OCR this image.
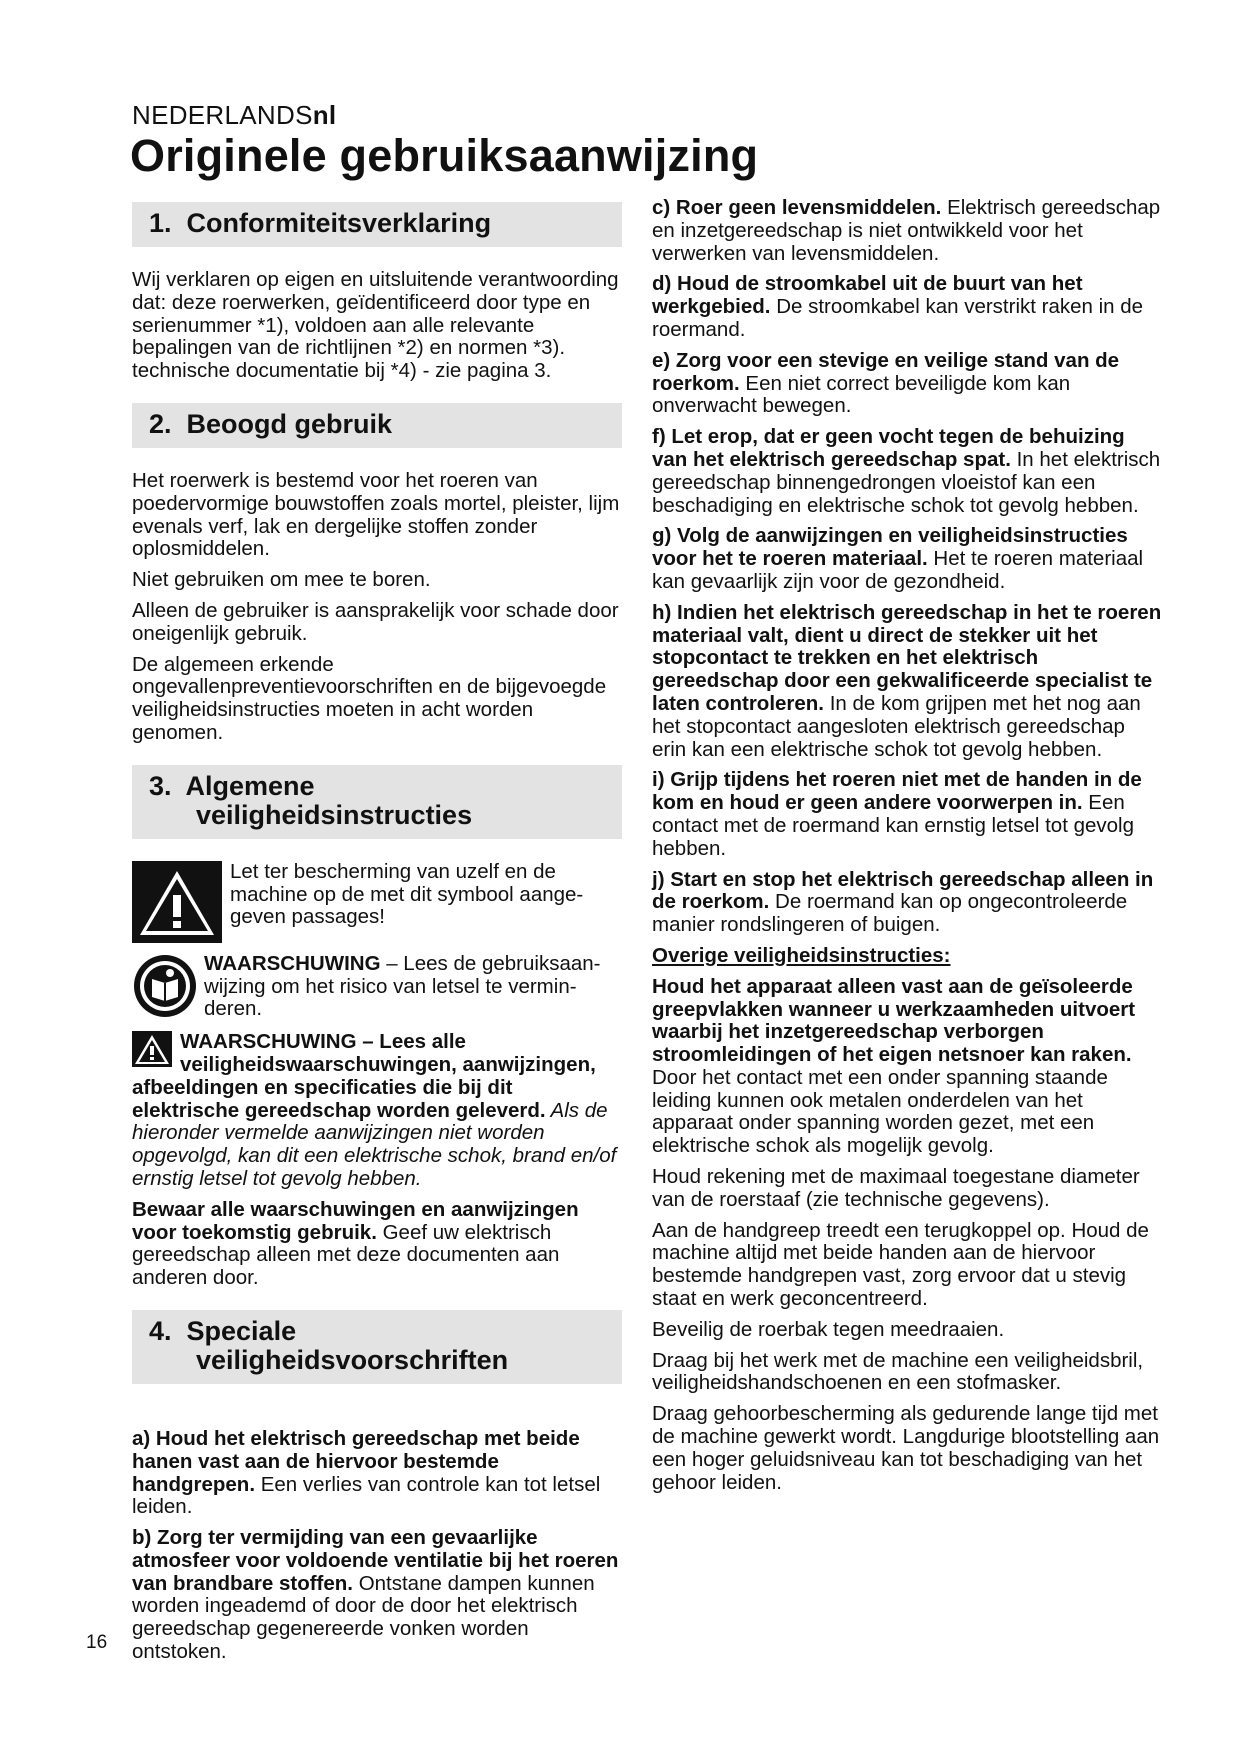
NEDERLANDSnl
Originele gebruiksaanwijzing
1. Conformiteitsverklaring

Wij verklaren op eigen en uitsluitende verantwoording dat: deze roerwerken, geïdentificeerd door type en serienummer *1), voldoen aan alle relevante bepalingen van de richtlijnen *2) en normen *3). technische documentatie bij *4) - zie pagina 3.

2. Beoogd gebruik

Het roerwerk is bestemd voor het roeren van poedervormige bouwstoffen zoals mortel, pleister, lijm evenals verf, lak en dergelijke stoffen zonder oplosmiddelen.

Niet gebruiken om mee te boren.

Alleen de gebruiker is aansprakelijk voor schade door oneigenlijk gebruik.

De algemeen erkende ongevallenpreventievoorschriften en de bijgevoegde veiligheidsinstructies moeten in acht worden genomen.

3. Algemene
veiligheidsinstructies
Let ter bescherming van uzelf en de machine op de met dit symbool aange-geven passages!
WAARSCHUWING – Lees de gebruiksaan-wijzing om het risico van letsel te vermin-deren.

WAARSCHUWING – Lees alle veiligheidswaarschuwingen, aanwijzingen, afbeeldingen en specificaties die bij dit elektrische gereedschap worden geleverd. Als de hieronder vermelde aanwijzingen niet worden opgevolgd, kan dit een elektrische schok, brand en/of ernstig letsel tot gevolg hebben.

Bewaar alle waarschuwingen en aanwijzingen voor toekomstig gebruik. Geef uw elektrisch gereedschap alleen met deze documenten aan anderen door.

4. Speciale
veiligheidsvoorschriften

a) Houd het elektrisch gereedschap met beide hanen vast aan de hiervoor bestemde handgrepen. Een verlies van controle kan tot letsel leiden.

b) Zorg ter vermijding van een gevaarlijke atmosfeer voor voldoende ventilatie bij het roeren van brandbare stoffen. Ontstane dampen kunnen worden ingeademd of door de door het elektrisch gereedschap gegenereerde vonken worden ontstoken.

c) Roer geen levensmiddelen. Elektrisch gereedschap en inzetgereedschap is niet ontwikkeld voor het verwerken van levensmiddelen.

d) Houd de stroomkabel uit de buurt van het werkgebied. De stroomkabel kan verstrikt raken in de roermand.

e) Zorg voor een stevige en veilige stand van de roerkom. Een niet correct beveiligde kom kan onverwacht bewegen.

f) Let erop, dat er geen vocht tegen de behuizing van het elektrisch gereedschap spat. In het elektrisch gereedschap binnengedrongen vloeistof kan een beschadiging en elektrische schok tot gevolg hebben.

g) Volg de aanwijzingen en veiligheidsinstructies voor het te roeren materiaal. Het te roeren materiaal kan gevaarlijk zijn voor de gezondheid.

h) Indien het elektrisch gereedschap in het te roeren materiaal valt, dient u direct de stekker uit het stopcontact te trekken en het elektrisch gereedschap door een gekwalificeerde specialist te laten controleren. In de kom grijpen met het nog aan het stopcontact aangesloten elektrisch gereedschap erin kan een elektrische schok tot gevolg hebben.

i) Grijp tijdens het roeren niet met de handen in de kom en houd er geen andere voorwerpen in. Een contact met de roermand kan ernstig letsel tot gevolg hebben.

j) Start en stop het elektrisch gereedschap alleen in de roerkom. De roermand kan op ongecontroleerde manier rondslingeren of buigen.

Overige veiligheidsinstructies:

Houd het apparaat alleen vast aan de geïsoleerde greepvlakken wanneer u werkzaamheden uitvoert waarbij het inzetgereedschap verborgen stroomleidingen of het eigen netsnoer kan raken. Door het contact met een onder spanning staande leiding kunnen ook metalen onderdelen van het apparaat onder spanning worden gezet, met een elektrische schok als mogelijk gevolg.

Houd rekening met de maximaal toegestane diameter van de roerstaaf (zie technische gegevens).

Aan de handgreep treedt een terugkoppel op. Houd de machine altijd met beide handen aan de hiervoor bestemde handgrepen vast, zorg ervoor dat u stevig staat en werk geconcentreerd.

Beveilig de roerbak tegen meedraaien.

Draag bij het werk met de machine een veiligheidsbril, veiligheidshandschoenen en een stofmasker.

Draag gehoorbescherming als gedurende lange tijd met de machine gewerkt wordt. Langdurige blootstelling aan een hoger geluidsniveau kan tot beschadiging van het gehoor leiden.

16
